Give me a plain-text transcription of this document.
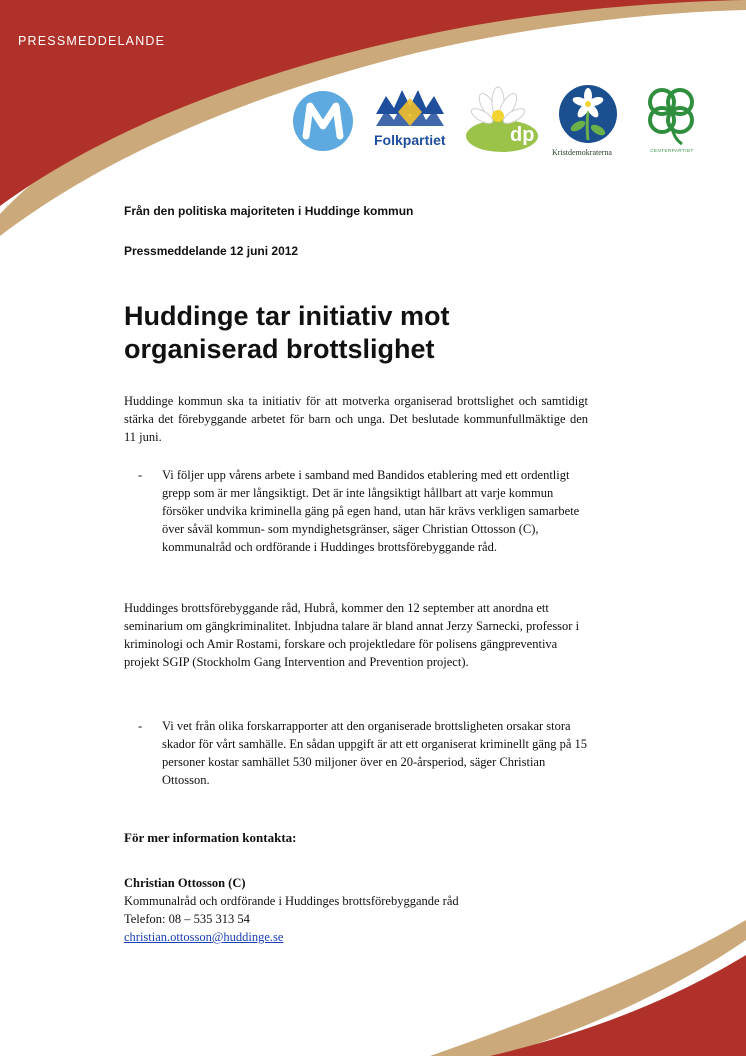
PRESSMEDDELANDE
Folkpartiet	dp
Kristdemokraterna	CENTERPARTIET
Från den politiska majoriteten i Huddinge kommun
Pressmeddelande 12 juni 2012
Huddinge tar initiativ mot organiserad brottslighet

Huddinge kommun ska ta initiativ för att motverka organiserad brottslighet och samtidigt stärka det förebyggande arbetet för barn och unga. Det beslutade kommunfullmäktige den 11 juni.

- Vi följer upp vårens arbete i samband med Bandidos etablering med ett ordentligt grepp som är mer långsiktigt. Det är inte långsiktigt hållbart att varje kommun försöker undvika kriminella gäng på egen hand, utan här krävs verkligen samarbete över såväl kommun- som myndighetsgränser, säger Christian Ottosson (C), kommunalråd och ordförande i Huddinges brottsförebyggande råd.

Huddinges brottsförebyggande råd, Hubrå, kommer den 12 september att anordna ett seminarium om gängkriminalitet. Inbjudna talare är bland annat Jerzy Sarnecki, professor i kriminologi och Amir Rostami, forskare och projektledare för polisens gängpreventiva projekt SGIP (Stockholm Gang Intervention and Prevention project).

- Vi vet från olika forskarrapporter att den organiserade brottsligheten orsakar stora skador för vårt samhälle. En sådan uppgift är att ett organiserat kriminellt gäng på 15 personer kostar samhället 530 miljoner över en 20-årsperiod, säger Christian Ottosson.
För mer information kontakta:
Christian Ottosson (C)
Kommunalråd och ordförande i Huddinges brottsförebyggande råd
Telefon: 08 – 535 313 54
christian.ottosson@huddinge.se
